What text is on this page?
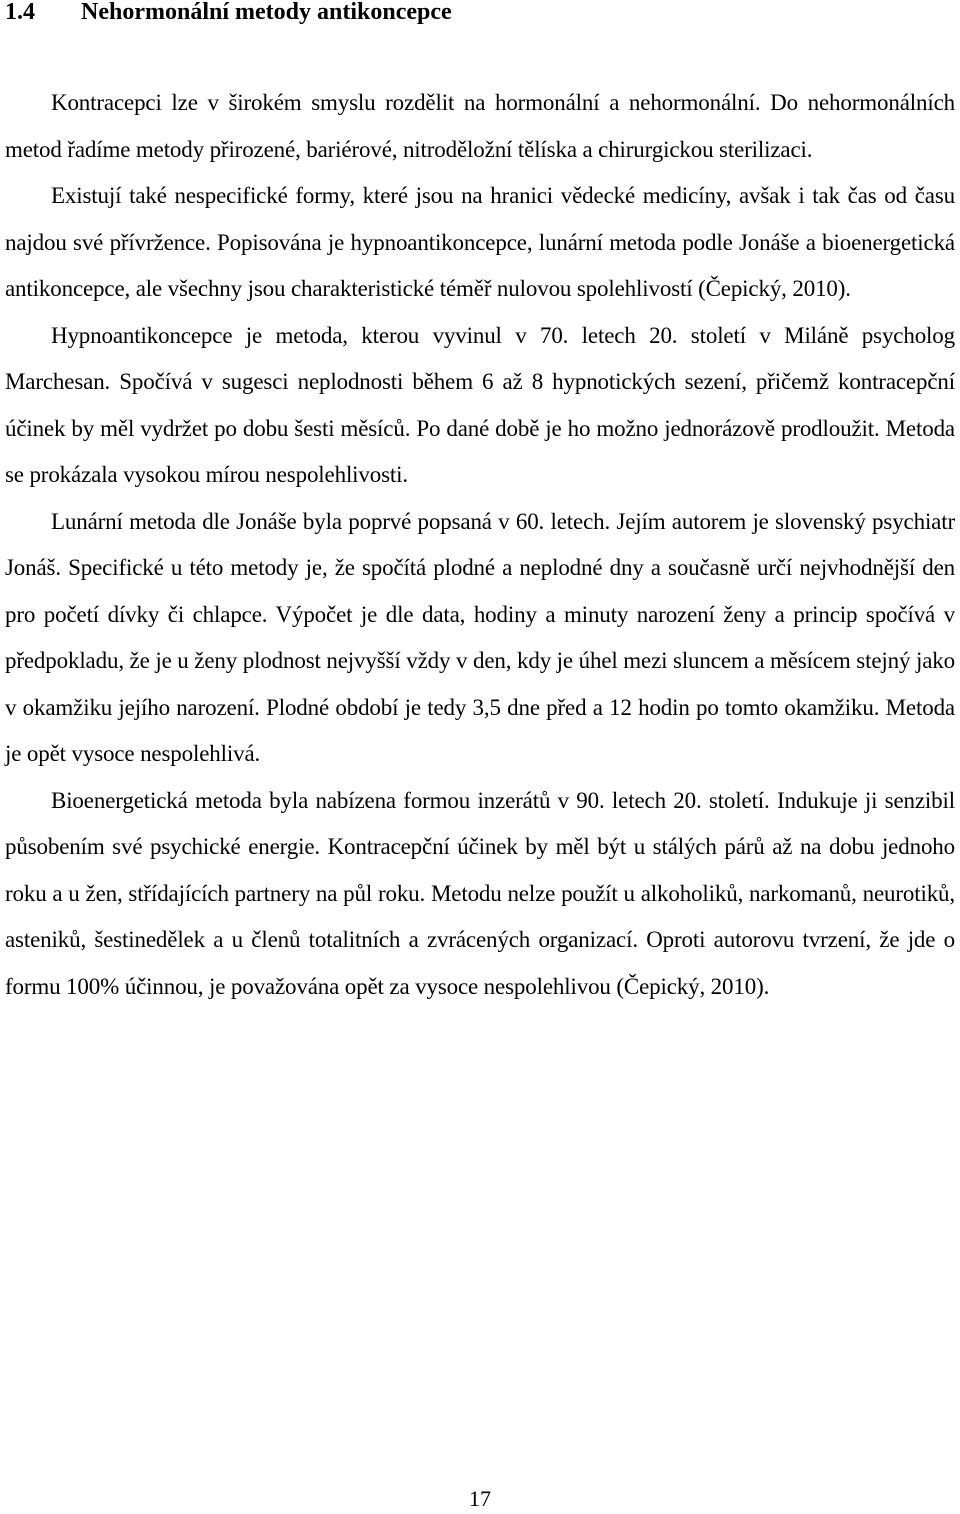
1.4 Nehormonální metody antikoncepce

Kontracepci lze v širokém smyslu rozdělit na hormonální a nehormonální. Do nehormonálních metod řadíme metody přirozené, bariérové, nitroděložní tělíska a chirurgickou sterilizaci.

Existují také nespecifické formy, které jsou na hranici vědecké medicíny, avšak i tak čas od času najdou své přívržence. Popisována je hypnoantikoncepce, lunární metoda podle Jonáše a bioenergetická antikoncepce, ale všechny jsou charakteristické téměř nulovou spolehlivostí (Čepický, 2010).

Hypnoantikoncepce je metoda, kterou vyvinul v 70. letech 20. století v Miláně psycholog Marchesan. Spočívá v sugesci neplodnosti během 6 až 8 hypnotických sezení, přičemž kontracepční účinek by měl vydržet po dobu šesti měsíců. Po dané době je ho možno jednorázově prodloužit. Metoda se prokázala vysokou mírou nespolehlivosti.

Lunární metoda dle Jonáše byla poprvé popsaná v 60. letech. Jejím autorem je slovenský psychiatr Jonáš. Specifické u této metody je, že spočítá plodné a neplodné dny a současně určí nejvhodnější den pro početí dívky či chlapce. Výpočet je dle data, hodiny a minuty narození ženy a princip spočívá v předpokladu, že je u ženy plodnost nejvyšší vždy v den, kdy je úhel mezi sluncem a měsícem stejný jako v okamžiku jejího narození. Plodné období je tedy 3,5 dne před a 12 hodin po tomto okamžiku. Metoda je opět vysoce nespolehlivá.

Bioenergetická metoda byla nabízena formou inzerátů v 90. letech 20. století. Indukuje ji senzibil působením své psychické energie. Kontracepční účinek by měl být u stálých párů až na dobu jednoho roku a u žen, střídajících partnery na půl roku. Metodu nelze použít u alkoholiků, narkomanů, neurotiků, asteniků, šestinedělek a u členů totalitních a zvrácených organizací. Oproti autorovu tvrzení, že jde o formu 100% účinnou, je považována opět za vysoce nespolehlivou (Čepický, 2010).

17
